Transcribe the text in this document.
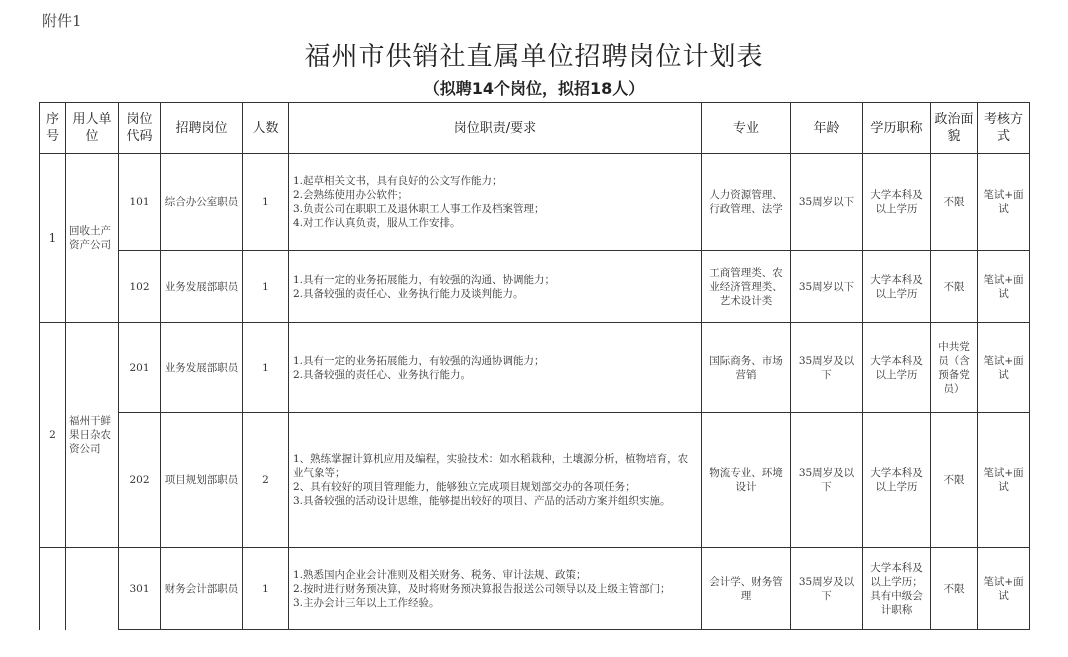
附件1
福州市供销社直属单位招聘岗位计划表
（拟聘14个岗位，拟招18人）
序号	用人单位	岗位代码	招聘岗位	人数	岗位职责/要求	专业	年龄	学历职称	政治面貌	考核方式
1	回收土产资产公司	101	综合办公室职员	1	1.起草相关文书，具有良好的公文写作能力；
2.会熟练使用办公软件；
3.负责公司在职职工及退休职工人事工作及档案管理；
4.对工作认真负责，服从工作安排。	人力资源管理、行政管理、法学	35周岁以下	大学本科及以上学历	不限	笔试+面试
		102	业务发展部职员	1	1.具有一定的业务拓展能力，有较强的沟通、协调能力；
2.具备较强的责任心、业务执行能力及谈判能力。	工商管理类、农业经济管理类、艺术设计类	35周岁以下	大学本科及以上学历	不限	笔试+面试
2	福州干鲜果日杂农资公司	201	业务发展部职员	1	1.具有一定的业务拓展能力，有较强的沟通协调能力；
2.具备较强的责任心、业务执行能力。	国际商务、市场营销	35周岁及以下	大学本科及以上学历	中共党员（含预备党员）	笔试+面试
		202	项目规划部职员	2	1、熟练掌握计算机应用及编程，实验技术：如水稻栽种，土壤源分析，植物培育，农业气象等；
2、具有较好的项目管理能力，能够独立完成项目规划部交办的各项任务；
3.具备较强的活动设计思维，能够提出较好的项目、产品的活动方案并组织实施。	物流专业、环境设计	35周岁及以下	大学本科及以上学历	不限	笔试+面试
		301	财务会计部职员	1	1.熟悉国内企业会计准则及相关财务、税务、审计法规、政策；
2.按时进行财务预决算，及时将财务预决算报告报送公司领导以及上级主管部门；
3.主办会计三年以上工作经验。	会计学、财务管理	35周岁及以下	大学本科及以上学历；具有中级会计职称	不限	笔试+面试
